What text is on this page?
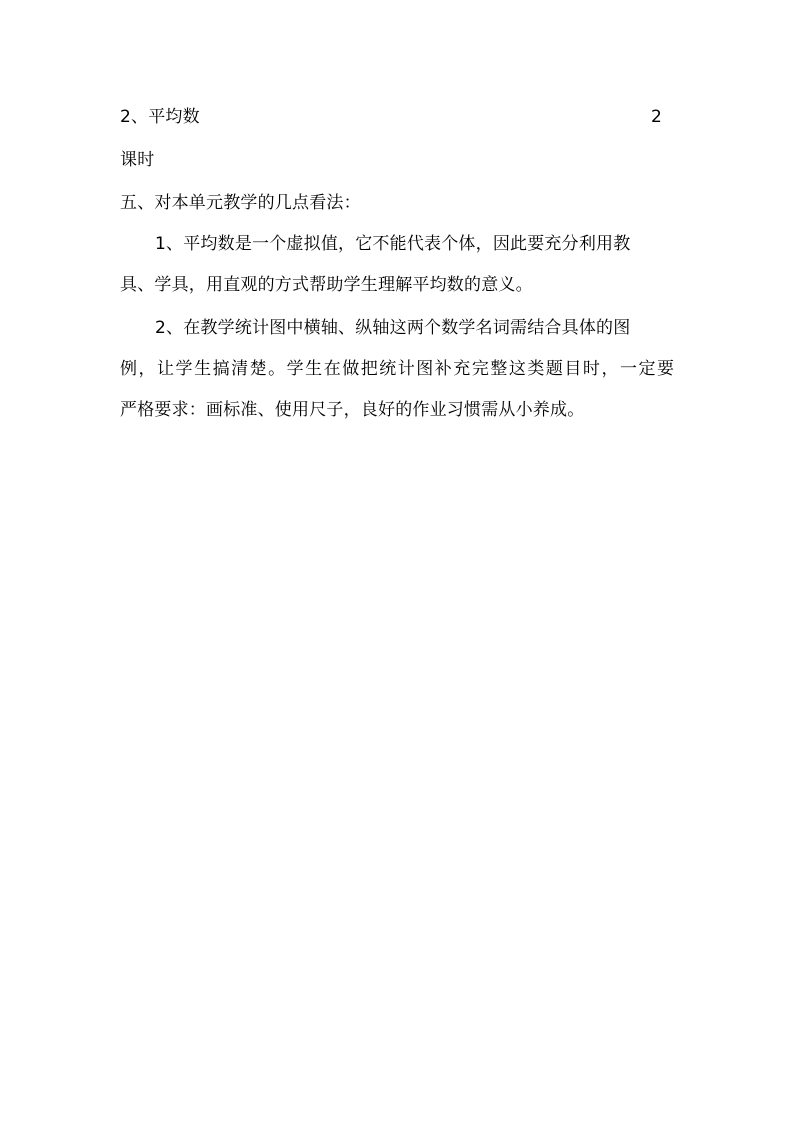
2、平均数	2
课时
五、对本单元教学的几点看法：
1、平均数是一个虚拟值，它不能代表个体，因此要充分利用教
具、学具，用直观的方式帮助学生理解平均数的意义。
2、在教学统计图中横轴、纵轴这两个数学名词需结合具体的图
例，让学生搞清楚。学生在做把统计图补充完整这类题目时，一定要
严格要求：画标准、使用尺子，良好的作业习惯需从小养成。
